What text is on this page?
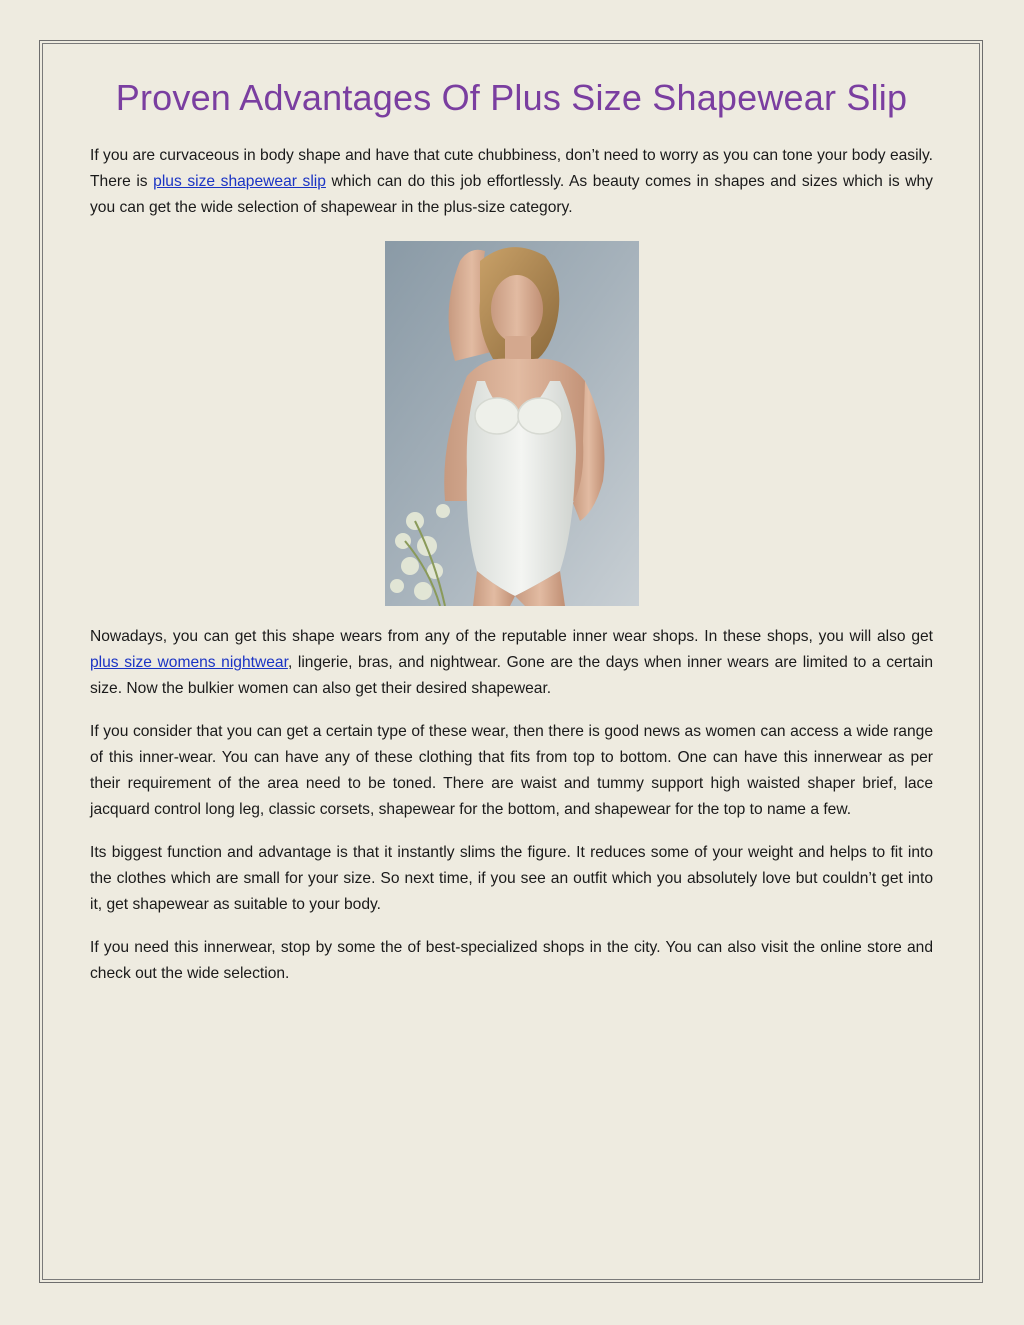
Proven Advantages Of Plus Size Shapewear Slip

If you are curvaceous in body shape and have that cute chubbiness, don’t need to worry as you can tone your body easily. There is plus size shapewear slip which can do this job effortlessly. As beauty comes in shapes and sizes which is why you can get the wide selection of shapewear in the plus-size category.

Nowadays, you can get this shape wears from any of the reputable inner wear shops. In these shops, you will also get plus size womens nightwear, lingerie, bras, and nightwear. Gone are the days when inner wears are limited to a certain size. Now the bulkier women can also get their desired shapewear.

If you consider that you can get a certain type of these wear, then there is good news as women can access a wide range of this inner-wear. You can have any of these clothing that fits from top to bottom. One can have this innerwear as per their requirement of the area need to be toned. There are waist and tummy support high waisted shaper brief, lace jacquard control long leg, classic corsets, shapewear for the bottom, and shapewear for the top to name a few.

Its biggest function and advantage is that it instantly slims the figure. It reduces some of your weight and helps to fit into the clothes which are small for your size. So next time, if you see an outfit which you absolutely love but couldn’t get into it, get shapewear as suitable to your body.

If you need this innerwear, stop by some the of best-specialized shops in the city. You can also visit the online store and check out the wide selection.
